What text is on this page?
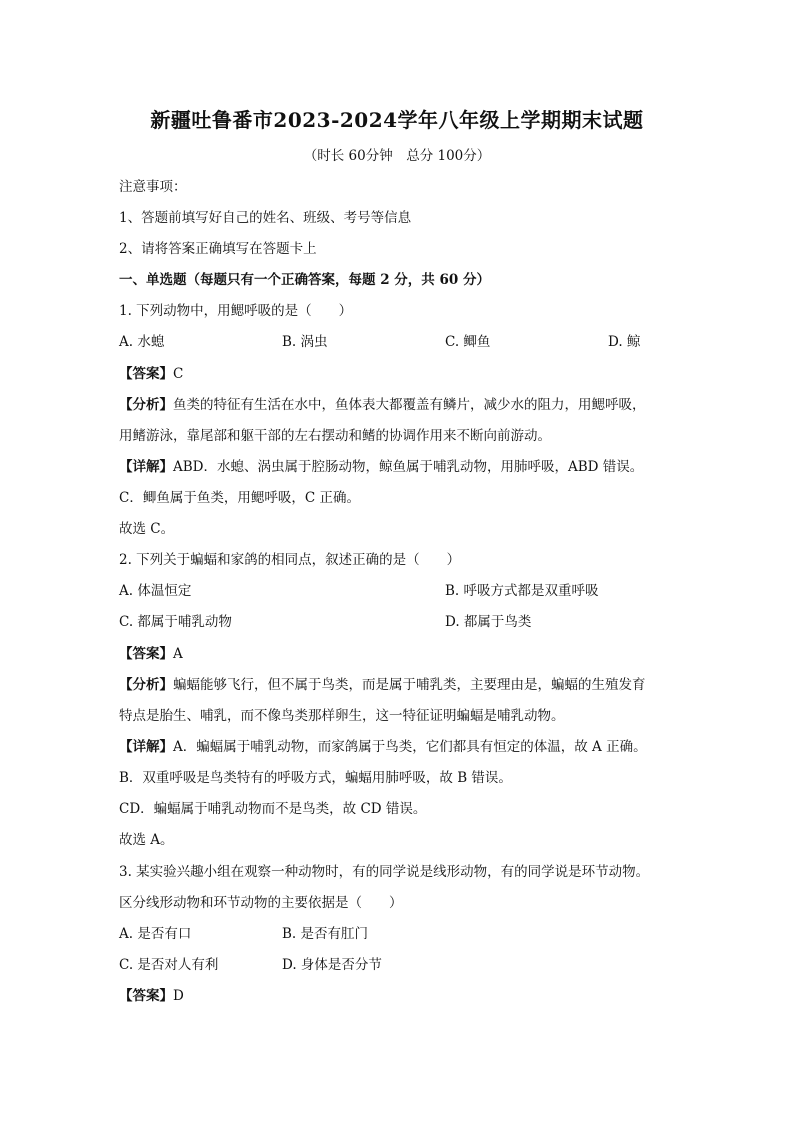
新疆吐鲁番市2023-2024学年八年级上学期期末试题
（时长 60分钟　总分 100分）
注意事项：
1、答题前填写好自己的姓名、班级、考号等信息
2、请将答案正确填写在答题卡上
一、单选题（每题只有一个正确答案，每题 2 分，共 60 分）
1. 下列动物中，用鳃呼吸的是（　　）
A. 水螅	B. 涡虫	C. 鲫鱼	D. 鲸
【答案】C
【分析】鱼类的特征有生活在水中，鱼体表大都覆盖有鳞片，减少水的阻力，用鳃呼吸，
用鳍游泳，靠尾部和躯干部的左右摆动和鳍的协调作用来不断向前游动。
【详解】ABD．水螅、涡虫属于腔肠动物，鲸鱼属于哺乳动物，用肺呼吸，ABD 错误。
C．鲫鱼属于鱼类，用鳃呼吸，C 正确。
故选 C。
2. 下列关于蝙蝠和家鸽的相同点，叙述正确的是（　　）
A. 体温恒定	B. 呼吸方式都是双重呼吸
C. 都属于哺乳动物	D. 都属于鸟类
【答案】A
【分析】蝙蝠能够飞行，但不属于鸟类，而是属于哺乳类，主要理由是，蝙蝠的生殖发育
特点是胎生、哺乳，而不像鸟类那样卵生，这一特征证明蝙蝠是哺乳动物。
【详解】A．蝙蝠属于哺乳动物，而家鸽属于鸟类，它们都具有恒定的体温，故 A 正确。
B．双重呼吸是鸟类特有的呼吸方式，蝙蝠用肺呼吸，故 B 错误。
CD．蝙蝠属于哺乳动物而不是鸟类，故 CD 错误。
故选 A。
3. 某实验兴趣小组在观察一种动物时，有的同学说是线形动物，有的同学说是环节动物。
区分线形动物和环节动物的主要依据是（　　）
A. 是否有口	B. 是否有肛门
C. 是否对人有利	D. 身体是否分节
【答案】D
